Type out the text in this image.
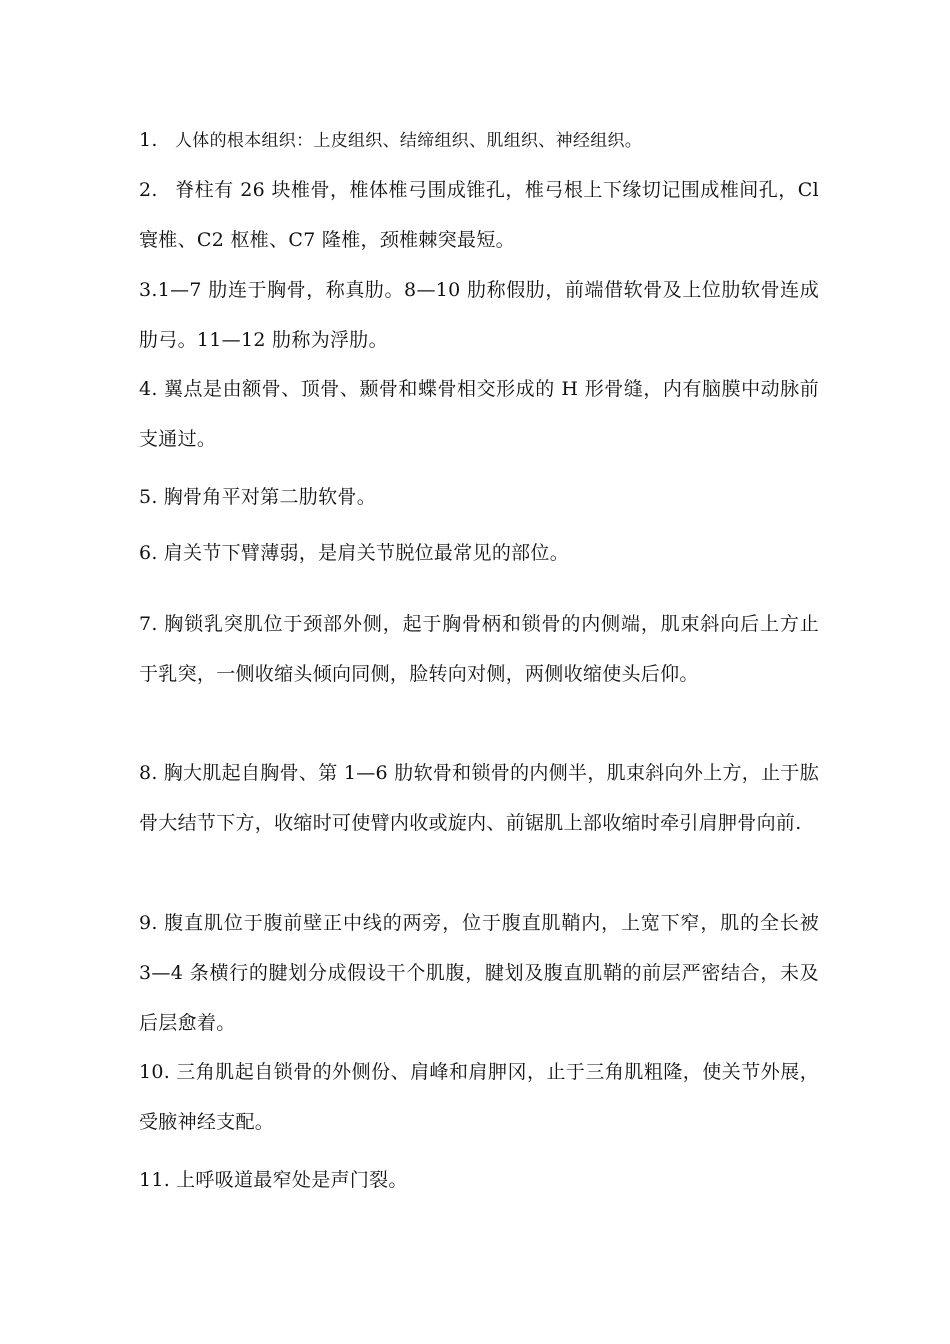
1. 人体的根本组织：上皮组织、结缔组织、肌组织、神经组织。

2. 脊柱有 26 块椎骨，椎体椎弓围成锥孔，椎弓根上下缘切记围成椎间孔，Cl 寰椎、C2 枢椎、C7 隆椎，颈椎棘突最短。

3.1—7 肋连于胸骨，称真肋。8—10 肋称假肋，前端借软骨及上位肋软骨连成肋弓。11—12 肋称为浮肋。

4. 翼点是由额骨、顶骨、颞骨和蝶骨相交形成的 H 形骨缝，内有脑膜中动脉前支通过。

5. 胸骨角平对第二肋软骨。

6. 肩关节下臂薄弱，是肩关节脱位最常见的部位。

7. 胸锁乳突肌位于颈部外侧，起于胸骨柄和锁骨的内侧端，肌束斜向后上方止于乳突，一侧收缩头倾向同侧，脸转向对侧，两侧收缩使头后仰。

8. 胸大肌起自胸骨、第 1—6 肋软骨和锁骨的内侧半，肌束斜向外上方，止于肱骨大结节下方，收缩时可使臂内收或旋内、前锯肌上部收缩时牵引肩胛骨向前.

9. 腹直肌位于腹前壁正中线的两旁，位于腹直肌鞘内，上宽下窄，肌的全长被 3—4 条横行的腱划分成假设干个肌腹，腱划及腹直肌鞘的前层严密结合，未及后层愈着。

10. 三角肌起自锁骨的外侧份、肩峰和肩胛冈，止于三角肌粗隆，使关节外展，受腋神经支配。

11. 上呼吸道最窄处是声门裂。
